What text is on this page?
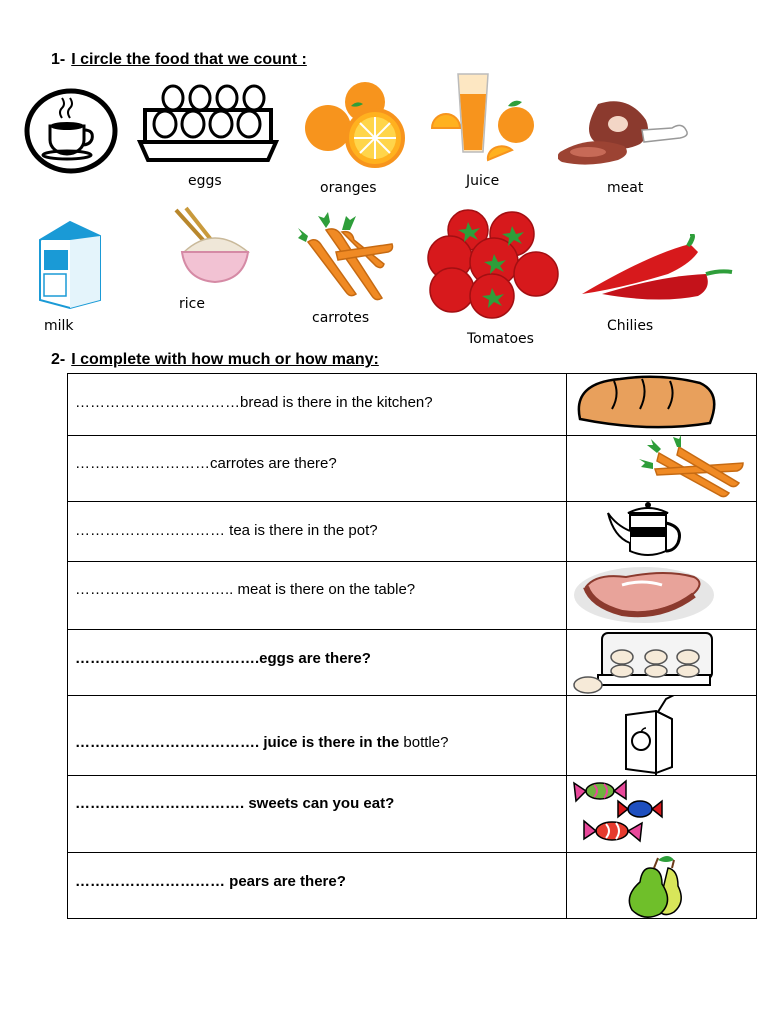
1- I circle the food that we count :
eggs	oranges	Juice	meat
milk
rice
carrotes
Tomatoes
Chilies
2- I complete with how much or how many:
……………………………bread is there in the kitchen?
………………………carrotes are there?
………………………… tea is there in the pot?
………………………….. meat is there on the table?
……………………………….eggs are there?
………………………………. juice is there in the bottle?
……………………………. sweets can you eat?
………………………… pears are there?
